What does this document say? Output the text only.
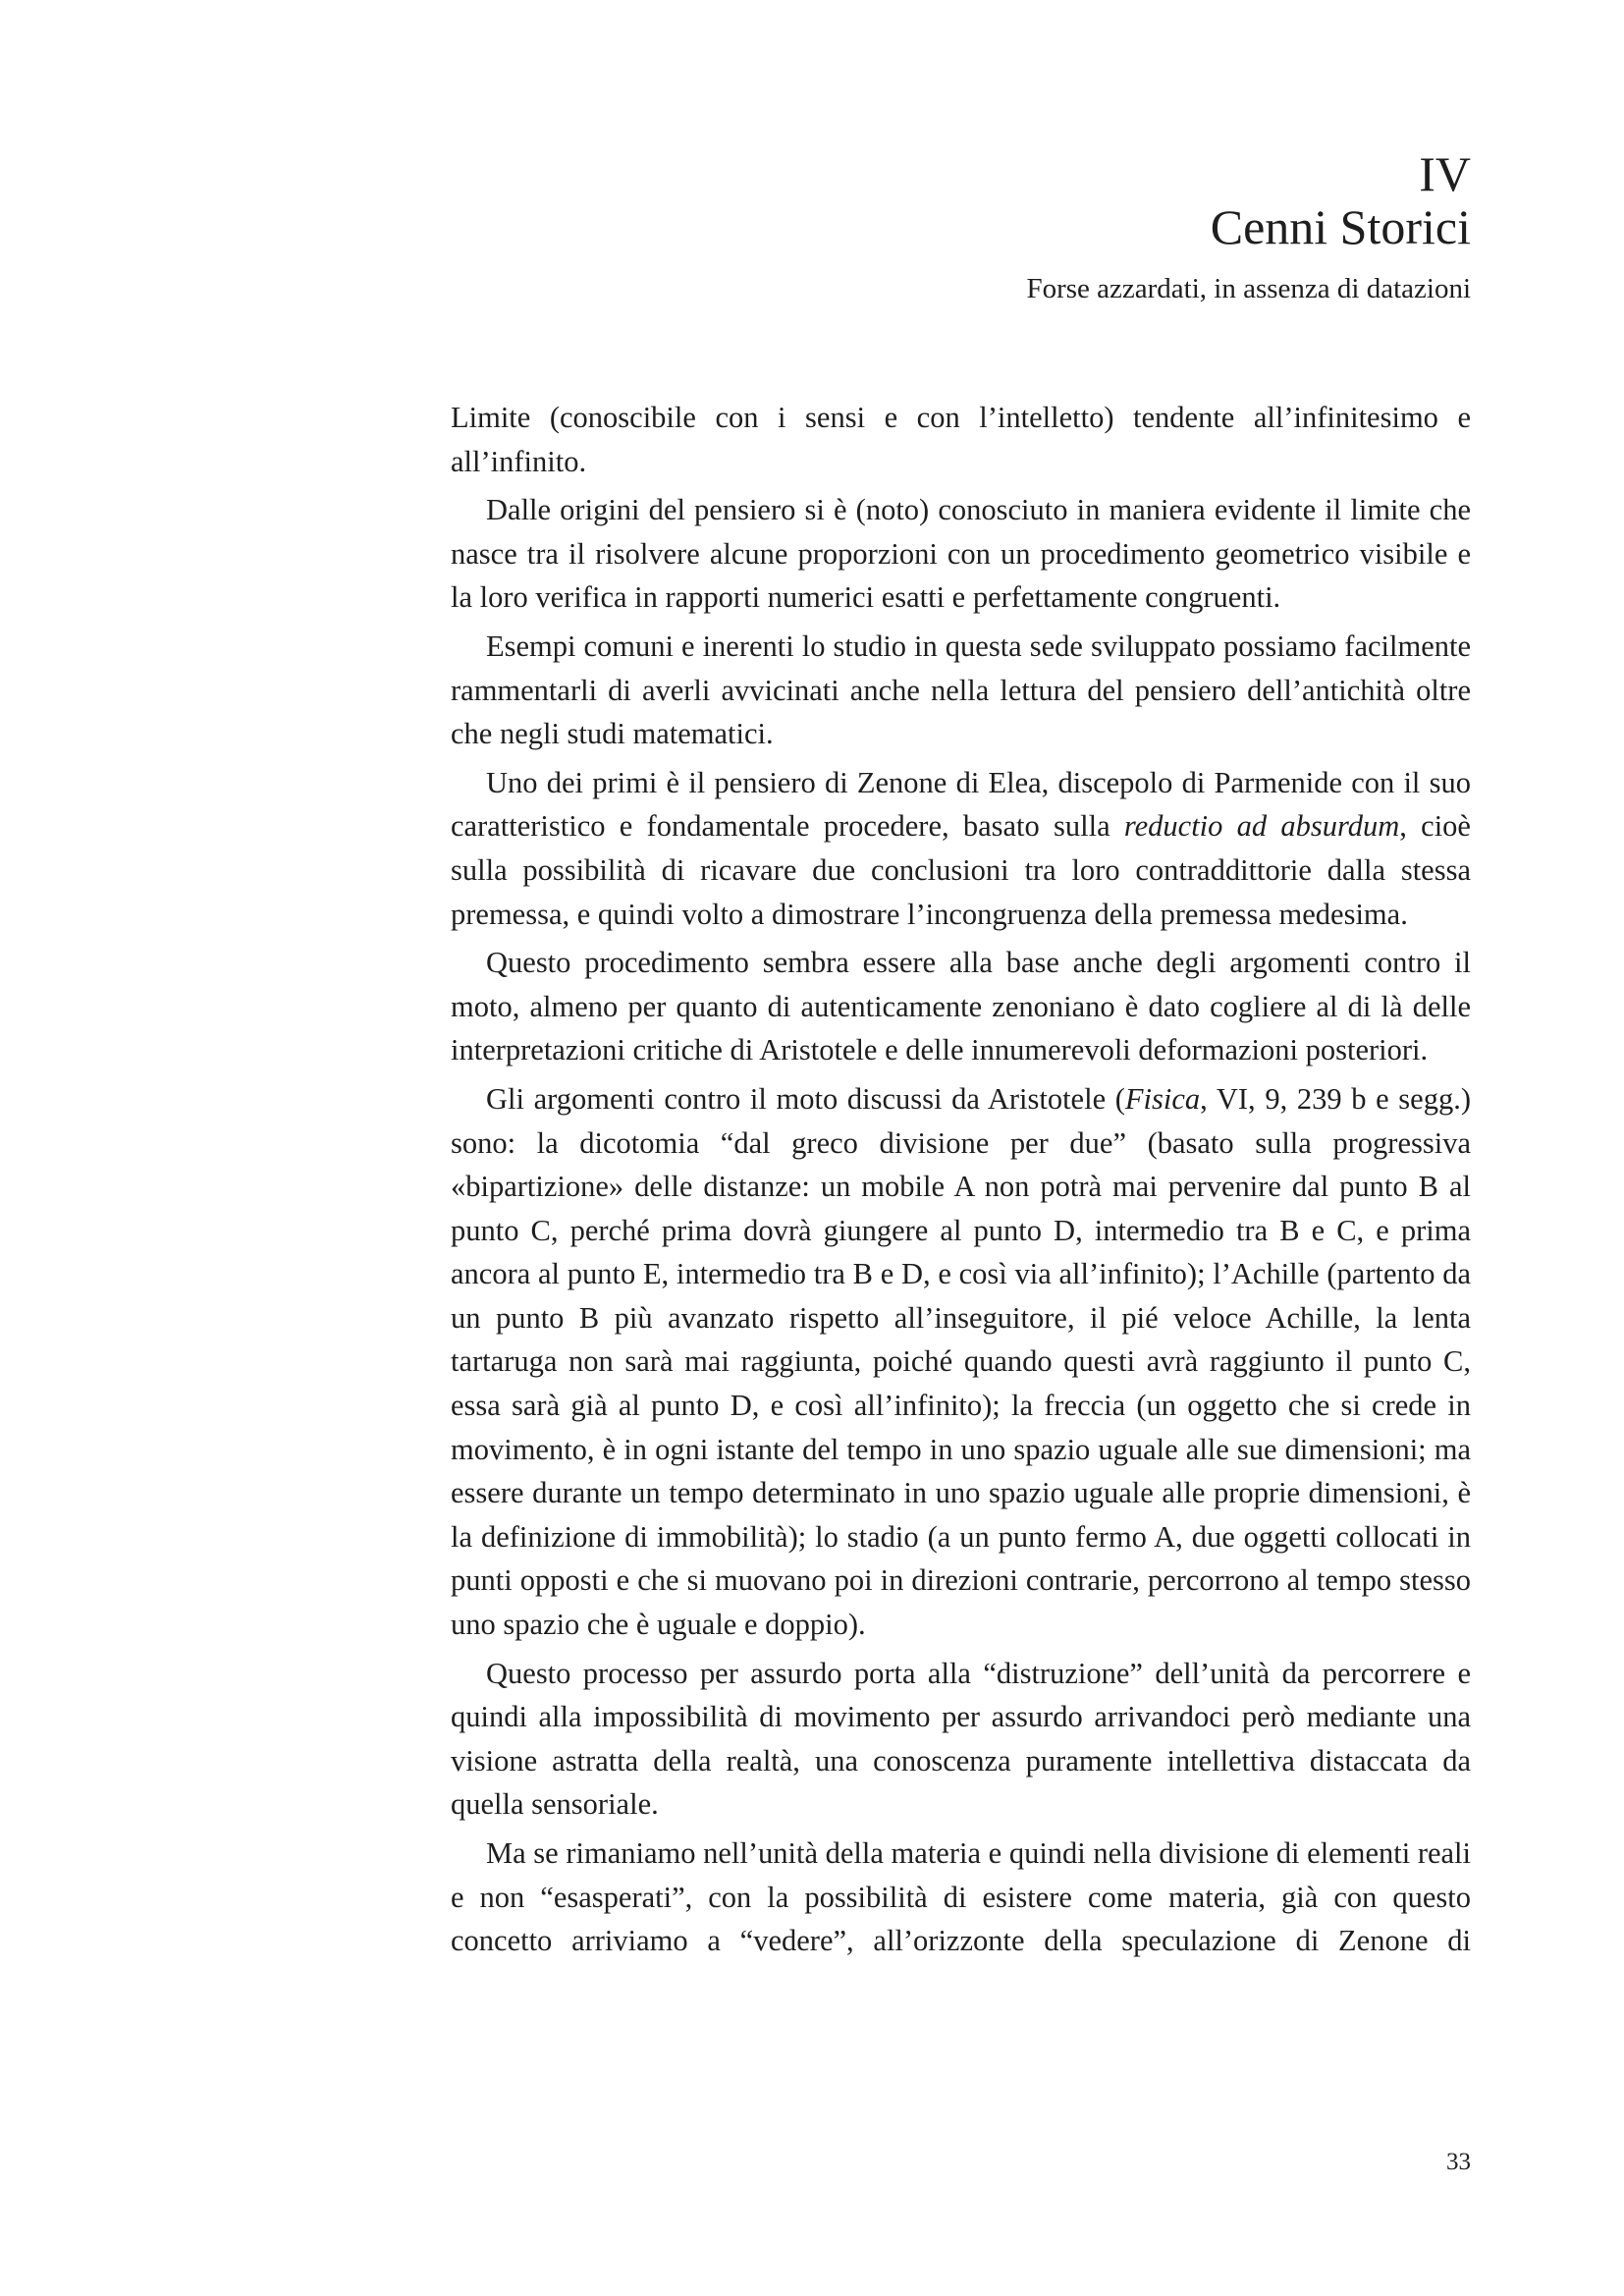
IV
Cenni Storici
Forse azzardati, in assenza di datazioni

Limite (conoscibile con i sensi e con l’intelletto) tendente all’infinitesimo e all’infinito.

Dalle origini del pensiero si è (noto) conosciuto in maniera evidente il limite che nasce tra il risolvere alcune proporzioni con un procedimento geometrico visibile e la loro verifica in rapporti numerici esatti e perfettamente congruenti.

Esempi comuni e inerenti lo studio in questa sede sviluppato possiamo facilmente rammentarli di averli avvicinati anche nella lettura del pensiero dell’antichità oltre che negli studi matematici.

Uno dei primi è il pensiero di Zenone di Elea, discepolo di Parmenide con il suo caratteristico e fondamentale procedere, basato sulla reductio ad absurdum, cioè sulla possibilità di ricavare due conclusioni tra loro contraddittorie dalla stessa premessa, e quindi volto a dimostrare l’incongruenza della premessa medesima.

Questo procedimento sembra essere alla base anche degli argomenti contro il moto, almeno per quanto di autenticamente zenoniano è dato cogliere al di là delle interpretazioni critiche di Aristotele e delle innumerevoli deformazioni posteriori.

Gli argomenti contro il moto discussi da Aristotele (Fisica, VI, 9, 239 b e segg.) sono: la dicotomia “dal greco divisione per due” (basato sulla progressiva «bipartizione» delle distanze: un mobile A non potrà mai pervenire dal punto B al punto C, perché prima dovrà giungere al punto D, intermedio tra B e C, e prima ancora al punto E, intermedio tra B e D, e così via all’infinito); l’Achille (partento da un punto B più avanzato rispetto all’inseguitore, il pié veloce Achille, la lenta tartaruga non sarà mai raggiunta, poiché quando questi avrà raggiunto il punto C, essa sarà già al punto D, e così all’infinito); la freccia (un oggetto che si crede in movimento, è in ogni istante del tempo in uno spazio uguale alle sue dimensioni; ma essere durante un tempo determinato in uno spazio uguale alle proprie dimensioni, è la definizione di immobilità); lo stadio (a un punto fermo A, due oggetti collocati in punti opposti e che si muovano poi in direzioni contrarie, percorrono al tempo stesso uno spazio che è uguale e doppio).

Questo processo per assurdo porta alla “distruzione” dell’unità da percorrere e quindi alla impossibilità di movimento per assurdo arrivandoci però mediante una visione astratta della realtà, una conoscenza puramente intellettiva distaccata da quella sensoriale.

Ma se rimaniamo nell’unità della materia e quindi nella divisione di elementi reali e non “esasperati”, con la possibilità di esistere come materia, già con questo concetto arriviamo a “vedere”, all’orizzonte della speculazione di Zenone di

33
